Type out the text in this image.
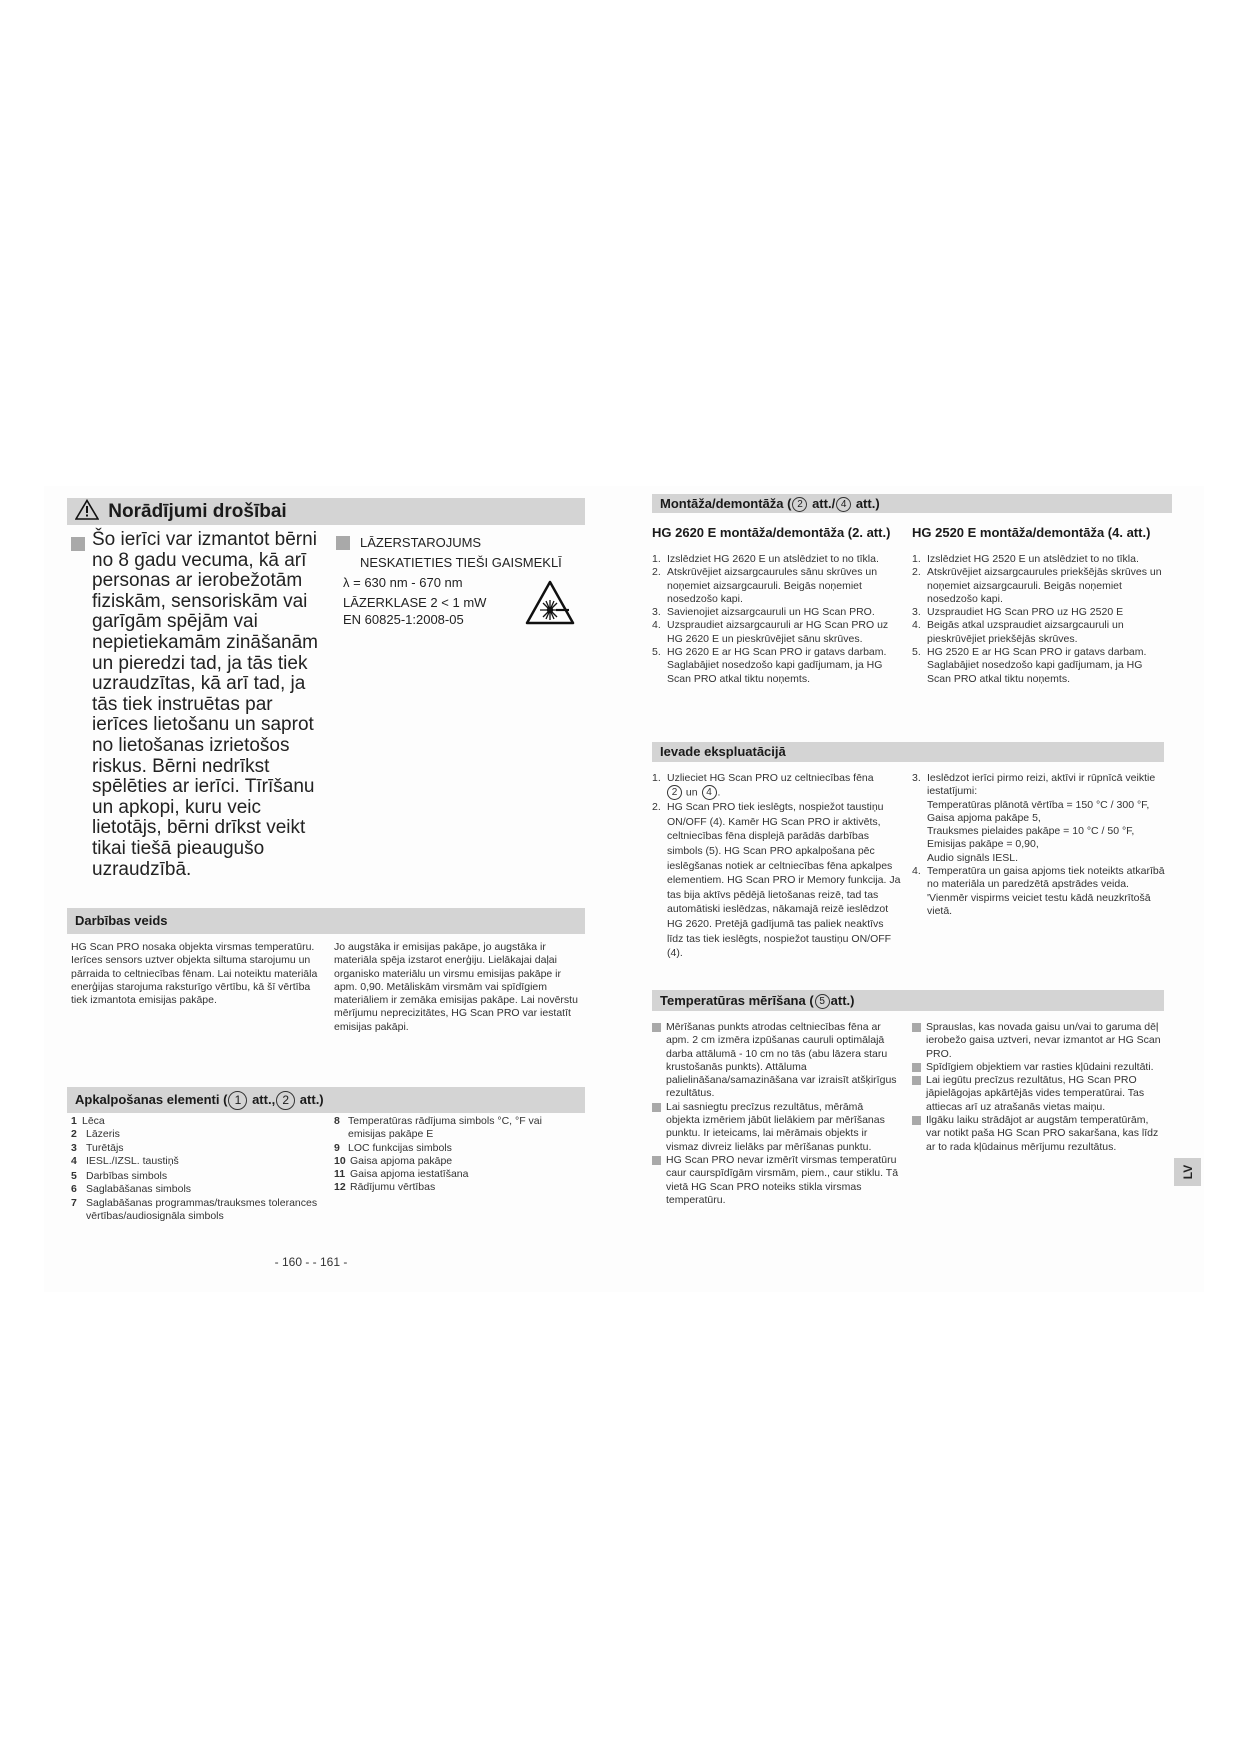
Norādījumi drošībai
Šo ierīci var izmantot bērni no 8 gadu vecuma, kā arī personas ar ierobežotām fiziskām, sensoriskām vai garīgām spējām vai nepietiekamām zināšanām un pieredzi tad, ja tās tiek uzraudzītas, kā arī tad, ja tās tiek instruētas par ierīces lietošanu un saprot no lietošanas izrietošos riskus. Bērni nedrīkst spēlēties ar ierīci. Tīrīšanu un apkopi, kuru veic lietotājs, bērni drīkst veikt tikai tiešā pieaugušo uzraudzībā.
LĀZERSTAROJUMS
NESKATIETIES TIEŠI GAISMEKLĪ
λ = 630 nm - 670 nm
LĀZERKLASE 2 < 1 mW
EN 60825-1:2008-05
Darbības veids
HG Scan PRO nosaka objekta virsmas temperatūru. Ierīces sensors uztver objekta siltuma starojumu un pārraida to celtniecības fēnam. Lai noteiktu materiāla enerģijas starojuma raksturīgo vērtību, kā šī vērtība tiek izmantota emisijas pakāpe.
Jo augstāka ir emisijas pakāpe, jo augstāka ir materiāla spēja izstarot enerģiju. Lielākajai daļai organisko materiālu un virsmu emisijas pakāpe ir apm. 0,90. Metāliskām virsmām vai spīdīgiem materiāliem ir zemāka emisijas pakāpe. Lai novērstu mērījumu neprecizitātes, HG Scan PRO var iestatīt emisijas pakāpi.
Apkalpošanas elementi ( 1 att., 2 att.)
1 Lēca
2 Lāzeris
3 Turētājs
4 IESL./IZSL. taustiņš
5 Darbības simbols
6 Saglabāšanas simbols
7 Saglabāšanas programmas/trauksmes tolerances vērtības/audiosignāla simbols
8 Temperatūras rādījuma simbols °C, °F vai emisijas pakāpe E
9 LOC funkcijas simbols
10 Gaisa apjoma pakāpe
11 Gaisa apjoma iestatīšana
12 Rādījumu vērtības
Montāža/demontāža ( 2 att./ 4 att.)
HG 2620 E montāža/demontāža (2. att.) HG 2520 E montāža/demontāža (4. att.)
1. Izslēdziet HG 2620 E un atslēdziet to no tīkla.
2. Atskrūvējiet aizsargcaurules sānu skrūves un noņemiet aizsargcauruli. Beigās noņemiet nosedzošo kapi.
3. Savienojiet aizsargcauruli un HG Scan PRO.
4. Uzspraudiet aizsargcauruli ar HG Scan PRO uz HG 2620 E un pieskrūvējiet sānu skrūves.
5. HG 2620 E ar HG Scan PRO ir gatavs darbam. Saglabājiet nosedzošo kapi gadījumam, ja HG Scan PRO atkal tiktu noņemts.
1. Izslēdziet HG 2520 E un atslēdziet to no tīkla.
2. Atskrūvējiet aizsargcaurules priekšējās skrūves un noņemiet aizsargcauruli. Beigās noņemiet nosedzošo kapi.
3. Uzspraudiet HG Scan PRO uz HG 2520 E
4. Beigās atkal uzspraudiet aizsargcauruli un pieskrūvējiet priekšējās skrūves.
5. HG 2520 E ar HG Scan PRO ir gatavs darbam. Saglabājiet nosedzošo kapi gadījumam, ja HG Scan PRO atkal tiktu noņemts.
Ievade ekspluatācijā
1. Uzlieciet HG Scan PRO uz celtniecības fēna
2 un 4 .
2. HG Scan PRO tiek ieslēgts, nospiežot taustiņu ON/OFF (4). Kamēr HG Scan PRO ir aktivēts, celtniecības fēna displejā parādās darbības simbols (5). HG Scan PRO apkalpošana pēc ieslēgšanas notiek ar celtniecības fēna apkalpes elementiem. HG Scan PRO ir Memory funkcija. Ja tas bija aktīvs pēdējā lietošanas reizē, tad tas automātiski ieslēdzas, nākamajā reizē ieslēdzot HG 2620. Pretējā gadījumā tas paliek neaktīvs līdz tas tiek ieslēgts, nospiežot taustiņu ON/OFF (4).
3. Ieslēdzot ierīci pirmo reizi, aktīvi ir rūpnīcā veiktie iestatījumi:
Temperatūras plānotā vērtība = 150 °C / 300 °F,
Gaisa apjoma pakāpe 5,
Trauksmes pielaides pakāpe = 10 °C / 50 °F,
Emisijas pakāpe = 0,90,
Audio signāls IESL.
4. Temperatūra un gaisa apjoms tiek noteikts atkarībā no materiāla un paredzētā apstrādes veida. 'Vienmēr vispirms veiciet testu kādā neuzkrītošā vietā.
Temperatūras mērīšana ( 5 att.)
Mērīšanas punkts atrodas celtniecības fēna ar apm. 2 cm izmēra izpūšanas cauruli optimālajā darba attālumā - 10 cm no tās (abu lāzera staru krustošanās punkts). Attāluma palielināšana/samazināšana var izraisīt atšķirīgus rezultātus.
Lai sasniegtu precīzus rezultātus, mērāmā objekta izmēriem jābūt lielākiem par mērīšanas punktu. Ir ieteicams, lai mērāmais objekts ir vismaz divreiz lielāks par mērīšanas punktu.
HG Scan PRO nevar izmērīt virsmas temperatūru caur caurspīdīgām virsmām, piem., caur stiklu. Tā vietā HG Scan PRO noteiks stikla virsmas temperatūru.
Sprauslas, kas novada gaisu un/vai to garuma dēļ ierobežo gaisa uztveri, nevar izmantot ar HG Scan PRO.
Spīdīgiem objektiem var rasties kļūdaini rezultāti.
Lai iegūtu precīzus rezultātus, HG Scan PRO jāpielāgojas apkārtējās vides temperatūrai. Tas attiecas arī uz atrašanās vietas maiņu.
Ilgāku laiku strādājot ar augstām temperatūrām, var notikt paša HG Scan PRO sakaršana, kas līdz ar to rada kļūdainus mērījumu rezultātus.
LV
- 160 - - 161 -
